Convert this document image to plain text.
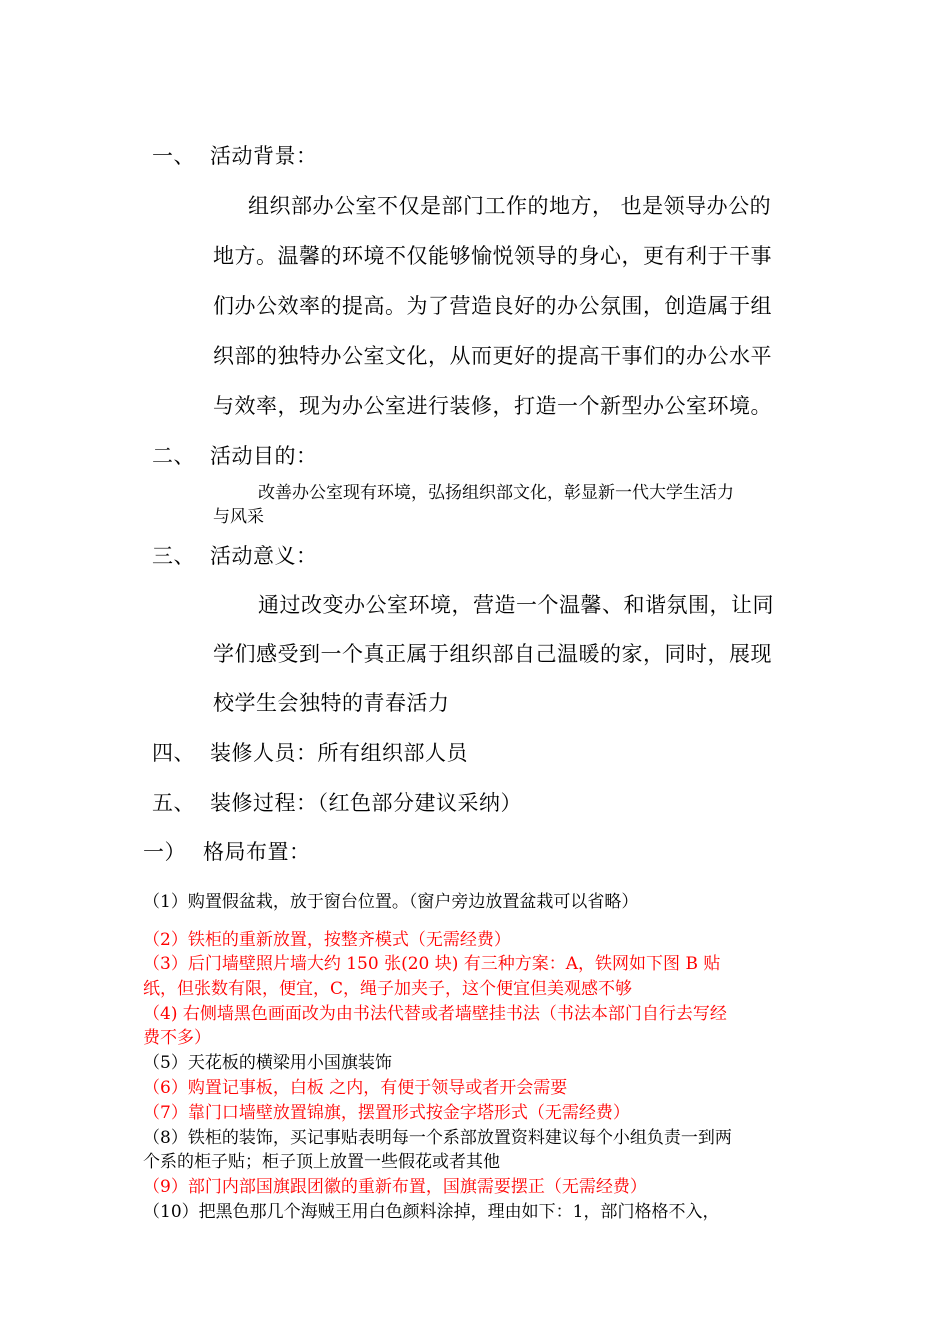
一、 活动背景：

组织部办公室不仅是部门工作的地方， 也是领导办公的

地方。温馨的环境不仅能够愉悦领导的身心，更有利于干事

们办公效率的提高。为了营造良好的办公氛围，创造属于组

织部的独特办公室文化，从而更好的提高干事们的办公水平

与效率，现为办公室进行装修，打造一个新型办公室环境。

二、 活动目的：

改善办公室现有环境，弘扬组织部文化，彰显新一代大学生活力

与风采

三、 活动意义：

通过改变办公室环境，营造一个温馨、和谐氛围，让同

学们感受到一个真正属于组织部自己温暖的家，同时，展现

校学生会独特的青春活力

四、 装修人员：所有组织部人员

五、 装修过程：（红色部分建议采纳）

一） 格局布置：

（1）购置假盆栽，放于窗台位置。（窗户旁边放置盆栽可以省略）

（2）铁柜的重新放置，按整齐模式（无需经费）

（3）后门墙壁照片墙大约 150 张(20 块) 有三种方案：A，铁网如下图 B 贴

纸，但张数有限，便宜，C，绳子加夹子，这个便宜但美观感不够

（4) 右侧墙黑色画面改为由书法代替或者墙壁挂书法（书法本部门自行去写经

费不多）

（5）天花板的横梁用小国旗装饰

（6）购置记事板，白板 之内，有便于领导或者开会需要

（7）靠门口墙壁放置锦旗，摆置形式按金字塔形式（无需经费）

（8）铁柜的装饰，买记事贴表明每一个系部放置资料建议每个小组负责一到两

个系的柜子贴；柜子顶上放置一些假花或者其他

（9）部门内部国旗跟团徽的重新布置，国旗需要摆正（无需经费）

（10）把黑色那几个海贼王用白色颜料涂掉，理由如下：1，部门格格不入，
